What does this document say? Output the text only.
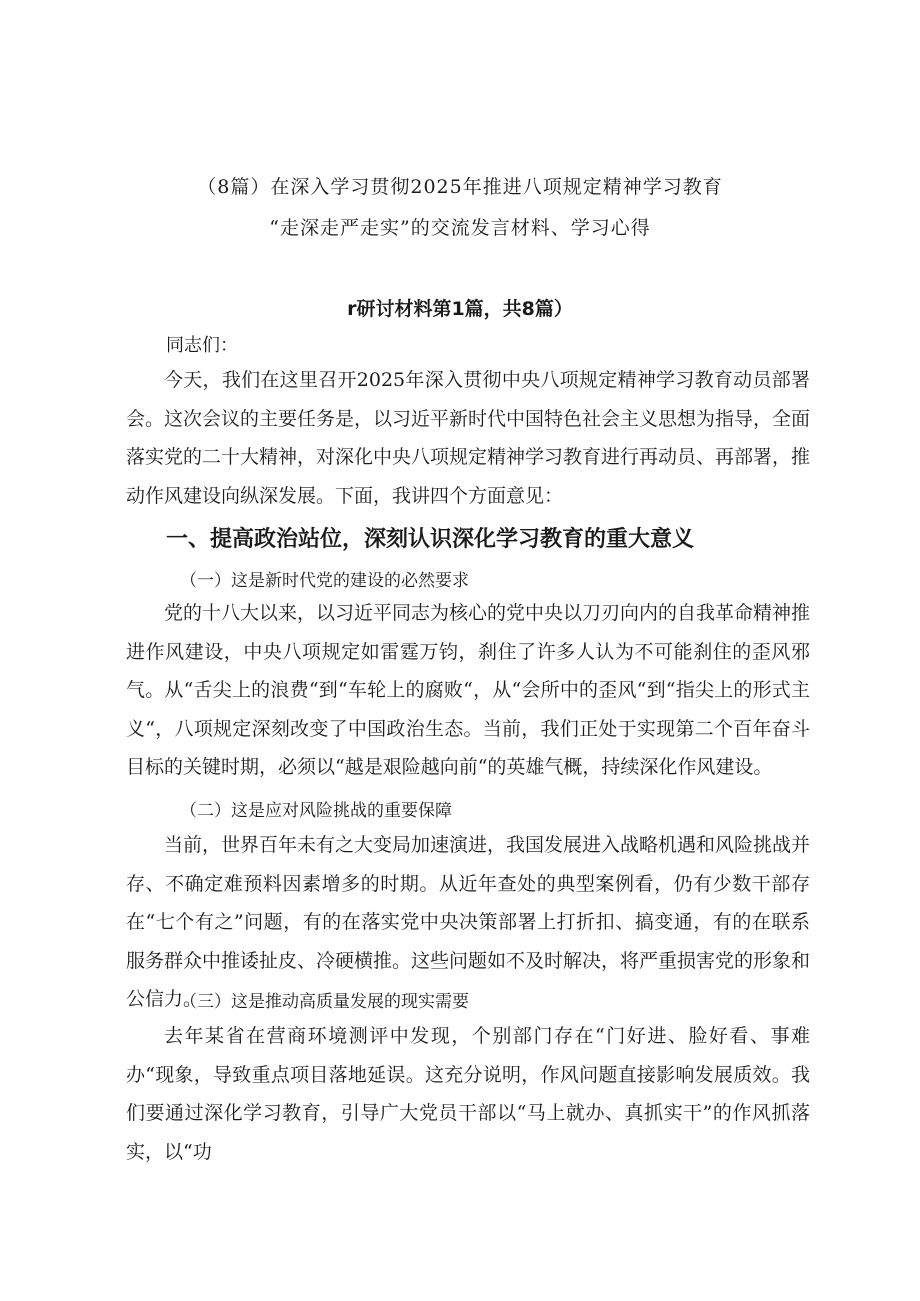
（8篇）在深入学习贯彻2025年推进八项规定精神学习教育
“走深走严走实”的交流发言材料、学习心得
r研讨材料第1篇，共8篇）
同志们：

今天，我们在这里召开2025年深入贯彻中央八项规定精神学习教育动员部署会。这次会议的主要任务是，以习近平新时代中国特色社会主义思想为指导，全面落实党的二十大精神，对深化中央八项规定精神学习教育进行再动员、再部署，推动作风建设向纵深发展。下面，我讲四个方面意见：

一、提高政治站位，深刻认识深化学习教育的重大意义
（一）这是新时代党的建设的必然要求

党的十八大以来，以习近平同志为核心的党中央以刀刃向内的自我革命精神推进作风建设，中央八项规定如雷霆万钧，刹住了许多人认为不可能刹住的歪风邪气。从“舌尖上的浪费“到“车轮上的腐败“，从“会所中的歪风“到“指尖上的形式主义“，八项规定深刻改变了中国政治生态。当前，我们正处于实现第二个百年奋斗目标的关键时期，必须以“越是艰险越向前“的英雄气概，持续深化作风建设。

（二）这是应对风险挑战的重要保障

当前，世界百年未有之大变局加速演进，我国发展进入战略机遇和风险挑战并存、不确定难预料因素增多的时期。从近年查处的典型案例看，仍有少数干部存在“七个有之”问题，有的在落实党中央决策部署上打折扣、搞变通，有的在联系服务群众中推诿扯皮、冷硬横推。这些问题如不及时解决，将严重损害党的形象和公信力。

（三）这是推动高质量发展的现实需要

去年某省在营商环境测评中发现，个别部门存在“门好进、脸好看、事难办“现象，导致重点项目落地延误。这充分说明，作风问题直接影响发展质效。我们要通过深化学习教育，引导广大党员干部以“马上就办、真抓实干”的作风抓落实，以“功
